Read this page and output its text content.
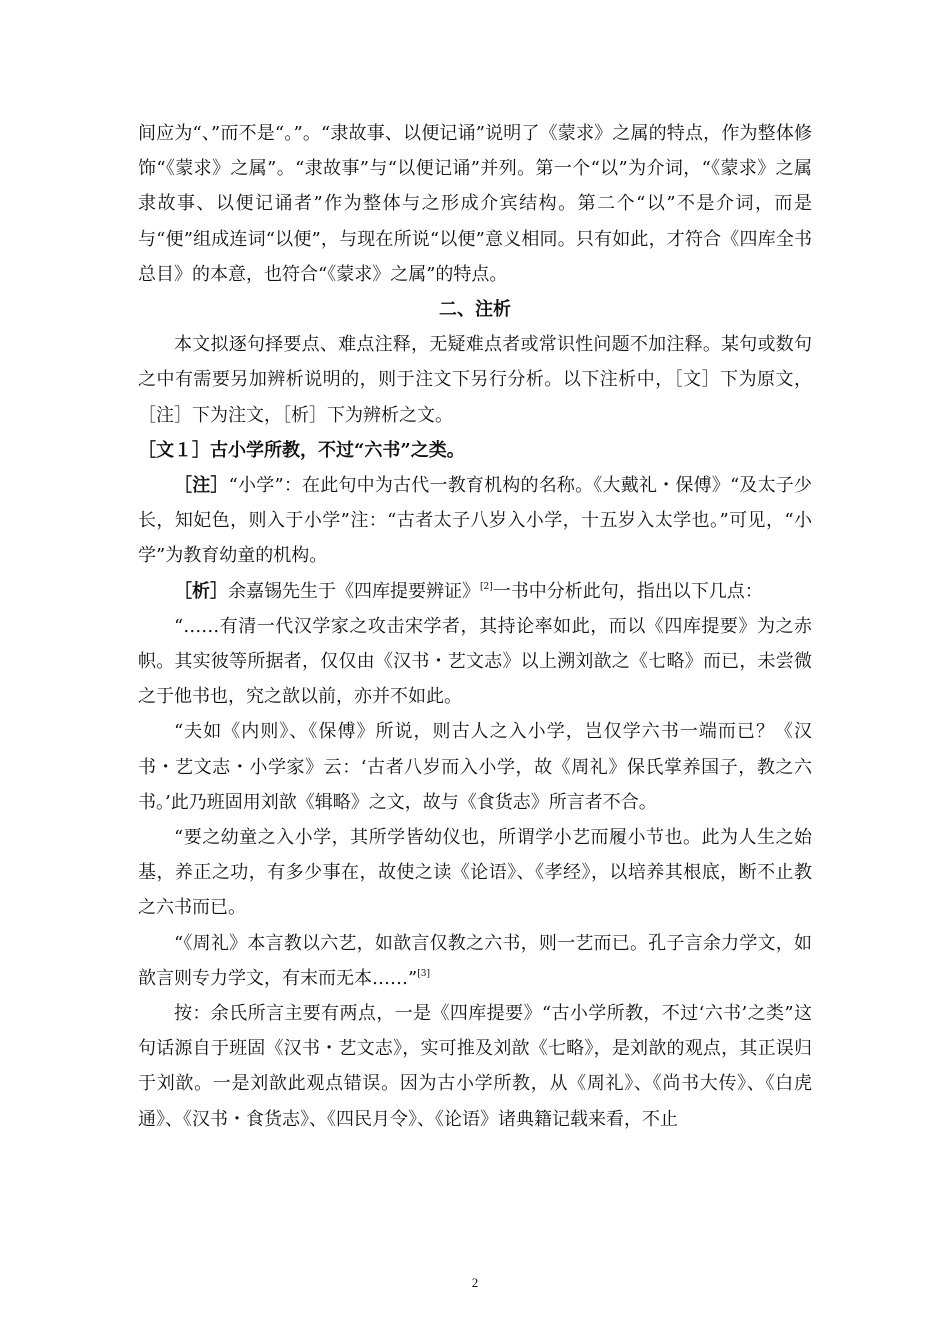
间应为“、”而不是“。”。“隶故事、以便记诵”说明了《蒙求》之属的特点，作为整体修饰“《蒙求》之属”。“隶故事”与“以便记诵”并列。第一个“以”为介词，“《蒙求》之属隶故事、以便记诵者”作为整体与之形成介宾结构。第二个“以”不是介词，而是与“便”组成连词“以便”，与现在所说“以便”意义相同。只有如此，才符合《四库全书总目》的本意，也符合“《蒙求》之属”的特点。

二、注析

本文拟逐句择要点、难点注释，无疑难点者或常识性问题不加注释。某句或数句之中有需要另加辨析说明的，则于注文下另行分析。以下注析中，［文］下为原文，［注］下为注文，［析］下为辨析之文。

［文１］古小学所教，不过“六书”之类。

［注］“小学”：在此句中为古代一教育机构的名称。《大戴礼・保傅》“及太子少长，知妃色，则入于小学”注：“古者太子八岁入小学，十五岁入太学也。”可见，“小学”为教育幼童的机构。

［析］余嘉锡先生于《四库提要辨证》[2]一书中分析此句，指出以下几点：

“……有清一代汉学家之攻击宋学者，其持论率如此，而以《四库提要》为之赤帜。其实彼等所据者，仅仅由《汉书・艺文志》以上溯刘歆之《七略》而已，未尝微之于他书也，究之歆以前，亦并不如此。

“夫如《内则》、《保傅》所说，则古人之入小学，岂仅学六书一端而已？《汉书・艺文志・小学家》云：‘古者八岁而入小学，故《周礼》保氏掌养国子，教之六书。’此乃班固用刘歆《辑略》之文，故与《食货志》所言者不合。

“要之幼童之入小学，其所学皆幼仪也，所谓学小艺而履小节也。此为人生之始基，养正之功，有多少事在，故使之读《论语》、《孝经》，以培养其根底，断不止教之六书而已。

“《周礼》本言教以六艺，如歆言仅教之六书，则一艺而已。孔子言余力学文，如歆言则专力学文，有末而无本……”[3]

按：余氏所言主要有两点，一是《四库提要》“古小学所教，不过‘六书’之类”这句话源自于班固《汉书・艺文志》，实可推及刘歆《七略》，是刘歆的观点，其正误归于刘歆。一是刘歆此观点错误。因为古小学所教，从《周礼》、《尚书大传》、《白虎通》、《汉书・食货志》、《四民月令》、《论语》诸典籍记载来看，不止

2
